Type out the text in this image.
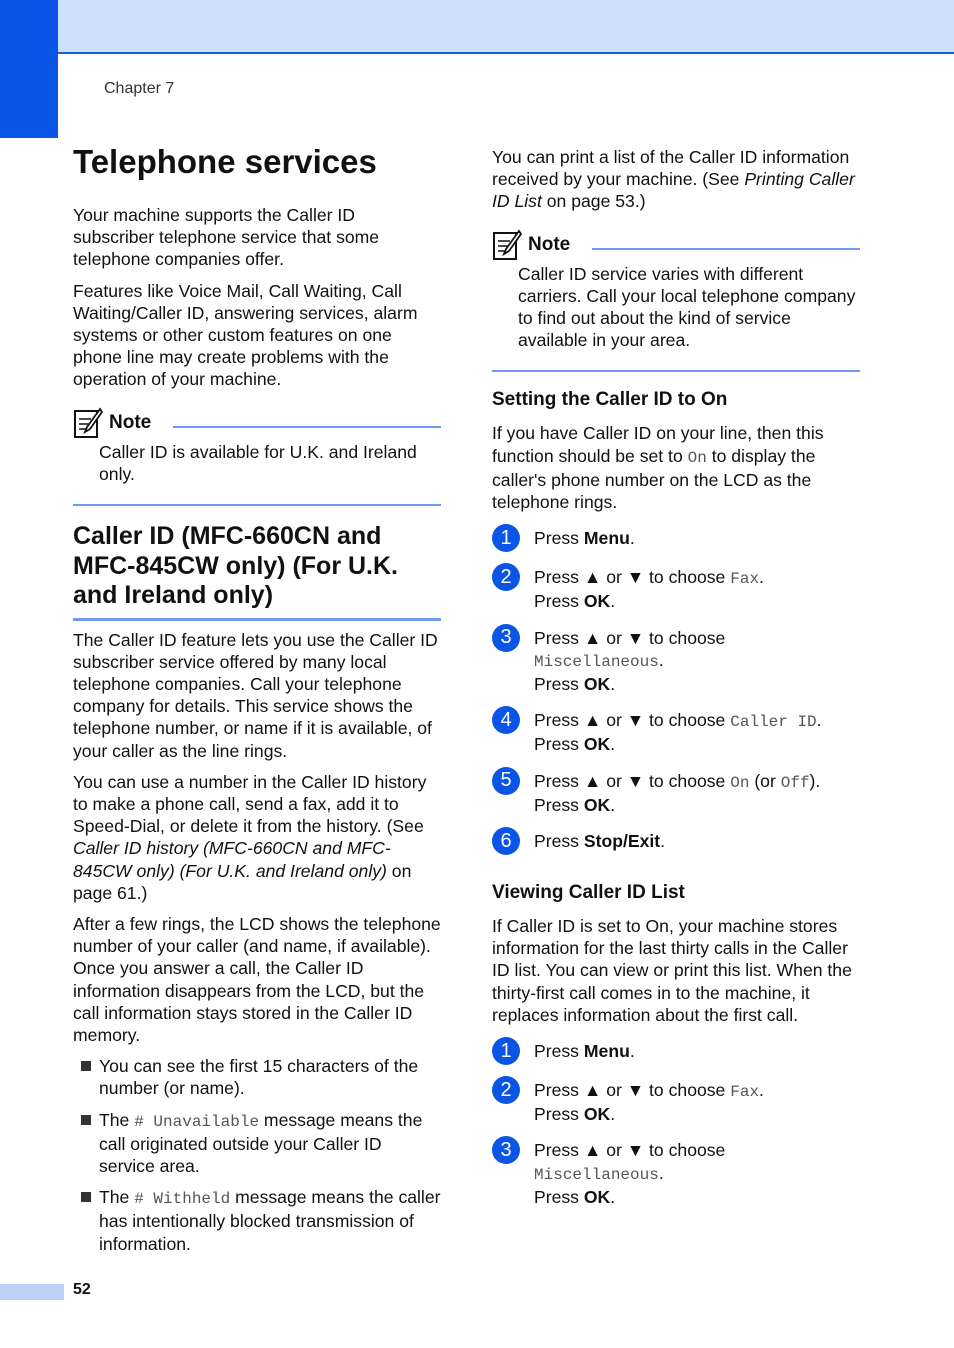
Chapter 7
Telephone services

Your machine supports the Caller ID subscriber telephone service that some telephone companies offer.

Features like Voice Mail, Call Waiting, Call Waiting/Caller ID, answering services, alarm systems or other custom features on one phone line may create problems with the operation of your machine.

Note

Caller ID is available for U.K. and Ireland only.

Caller ID (MFC-660CN and MFC-845CW only) (For U.K. and Ireland only)

The Caller ID feature lets you use the Caller ID subscriber service offered by many local telephone companies. Call your telephone company for details. This service shows the telephone number, or name if it is available, of your caller as the line rings.

You can use a number in the Caller ID history to make a phone call, send a fax, add it to Speed-Dial, or delete it from the history. (See Caller ID history (MFC-660CN and MFC-845CW only) (For U.K. and Ireland only) on page 61.)

After a few rings, the LCD shows the telephone number of your caller (and name, if available). Once you answer a call, the Caller ID information disappears from the LCD, but the call information stays stored in the Caller ID memory.

You can see the first 15 characters of the number (or name).
The # Unavailable message means the call originated outside your Caller ID service area.
The # Withheld message means the caller has intentionally blocked transmission of information.

You can print a list of the Caller ID information received by your machine. (See Printing Caller ID List on page 53.)

Note

Caller ID service varies with different carriers. Call your local telephone company to find out about the kind of service available in your area.

Setting the Caller ID to On

If you have Caller ID on your line, then this function should be set to On to display the caller's phone number on the LCD as the telephone rings.

1	Press Menu.
2	Press ▲ or ▼ to choose Fax.
Press OK.
3	Press ▲ or ▼ to choose
Miscellaneous.
Press OK.
4	Press ▲ or ▼ to choose Caller ID.
Press OK.
5	Press ▲ or ▼ to choose On (or Off).
Press OK.
6	Press Stop/Exit.
Viewing Caller ID List

If Caller ID is set to On, your machine stores information for the last thirty calls in the Caller ID list. You can view or print this list. When the thirty-first call comes in to the machine, it replaces information about the first call.

1	Press Menu.
2	Press ▲ or ▼ to choose Fax.
Press OK.
3	Press ▲ or ▼ to choose
Miscellaneous.
Press OK.
52
